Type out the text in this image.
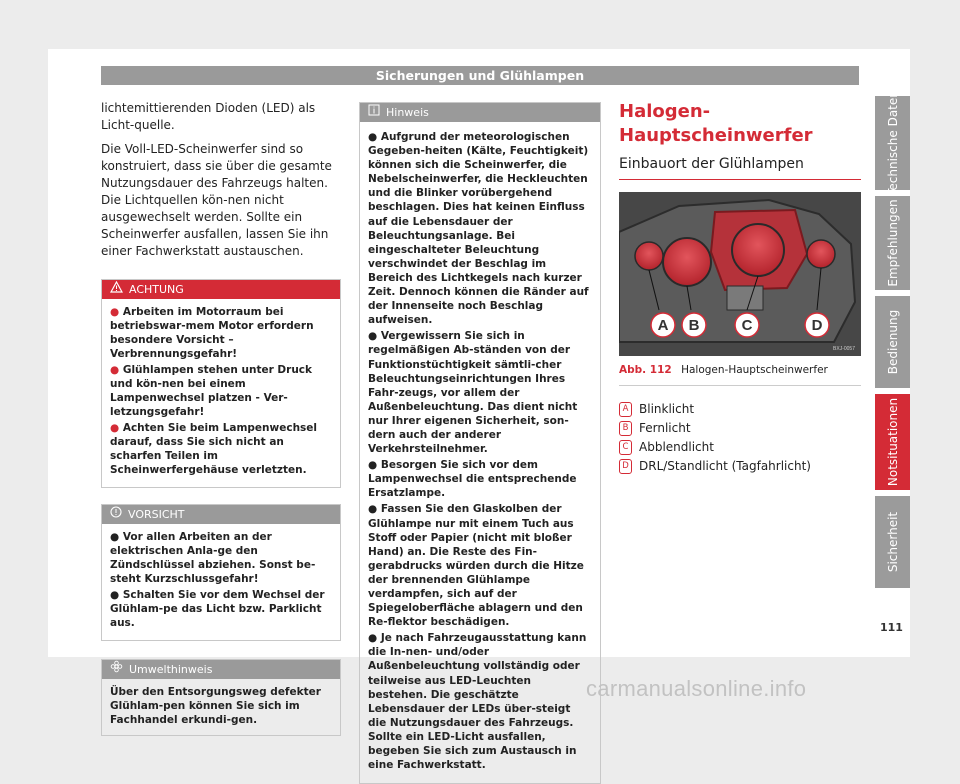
Sicherungen und Glühlampen

lichtemittierenden Dioden (LED) als Licht-quelle.

Die Voll-LED-Scheinwerfer sind so konstruiert, dass sie über die gesamte Nutzungsdauer des Fahrzeugs halten. Die Lichtquellen kön-nen nicht ausgewechselt werden. Sollte ein Scheinwerfer ausfallen, lassen Sie ihn einer Fachwerkstatt austauschen.

ACHTUNG
● Arbeiten im Motorraum bei betriebswar-mem Motor erfordern besondere Vorsicht – Verbrennungsgefahr!
● Glühlampen stehen unter Druck und kön-nen bei einem Lampenwechsel platzen - Ver-letzungsgefahr!
● Achten Sie beim Lampenwechsel darauf, dass Sie sich nicht an scharfen Teilen im Scheinwerfergehäuse verletzten.
VORSICHT
● Vor allen Arbeiten an der elektrischen Anla-ge den Zündschlüssel abziehen. Sonst be-steht Kurzschlussgefahr!
● Schalten Sie vor dem Wechsel der Glühlam-pe das Licht bzw. Parklicht aus.
Umwelthinweis
Über den Entsorgungsweg defekter Glühlam-pen können Sie sich im Fachhandel erkundi-gen.
Hinweis
● Aufgrund der meteorologischen Gegeben-heiten (Kälte, Feuchtigkeit) können sich die Scheinwerfer, die Nebelscheinwerfer, die Heckleuchten und die Blinker vorübergehend beschlagen. Dies hat keinen Einfluss auf die Lebensdauer der Beleuchtungsanlage. Bei eingeschalteter Beleuchtung verschwindet der Beschlag im Bereich des Lichtkegels nach kurzer Zeit. Dennoch können die Ränder auf der Innenseite noch Beschlag aufweisen.
● Vergewissern Sie sich in regelmäßigen Ab-ständen von der Funktionstüchtigkeit sämtli-cher Beleuchtungseinrichtungen Ihres Fahr-zeugs, vor allem der Außenbeleuchtung. Das dient nicht nur Ihrer eigenen Sicherheit, son-dern auch der anderer Verkehrsteilnehmer.
● Besorgen Sie sich vor dem Lampenwechsel die entsprechende Ersatzlampe.
● Fassen Sie den Glaskolben der Glühlampe nur mit einem Tuch aus Stoff oder Papier (nicht mit bloßer Hand) an. Die Reste des Fin-gerabdrucks würden durch die Hitze der brennenden Glühlampe verdampfen, sich auf der Spiegeloberfläche ablagern und den Re-flektor beschädigen.
● Je nach Fahrzeugausstattung kann die In-nen- und/oder Außenbeleuchtung vollständig oder teilweise aus LED-Leuchten bestehen. Die geschätzte Lebensdauer der LEDs über-steigt die Nutzungsdauer des Fahrzeugs. Sollte ein LED-Licht ausfallen, begeben Sie sich zum Austausch in eine Fachwerkstatt.
Halogen-Hauptscheinwerfer
Einbauort der Glühlampen
A B	C	D
BXJ-0057
Abb. 112 Halogen-Hauptscheinwerfer
A Blinklicht
B Fernlicht
C Abblendlicht
D DRL/Standlicht (Tagfahrlicht)
Technische Daten
Empfehlungen
Bedienung
Notsituationen
Sicherheit
111
carmanualsonline.info
